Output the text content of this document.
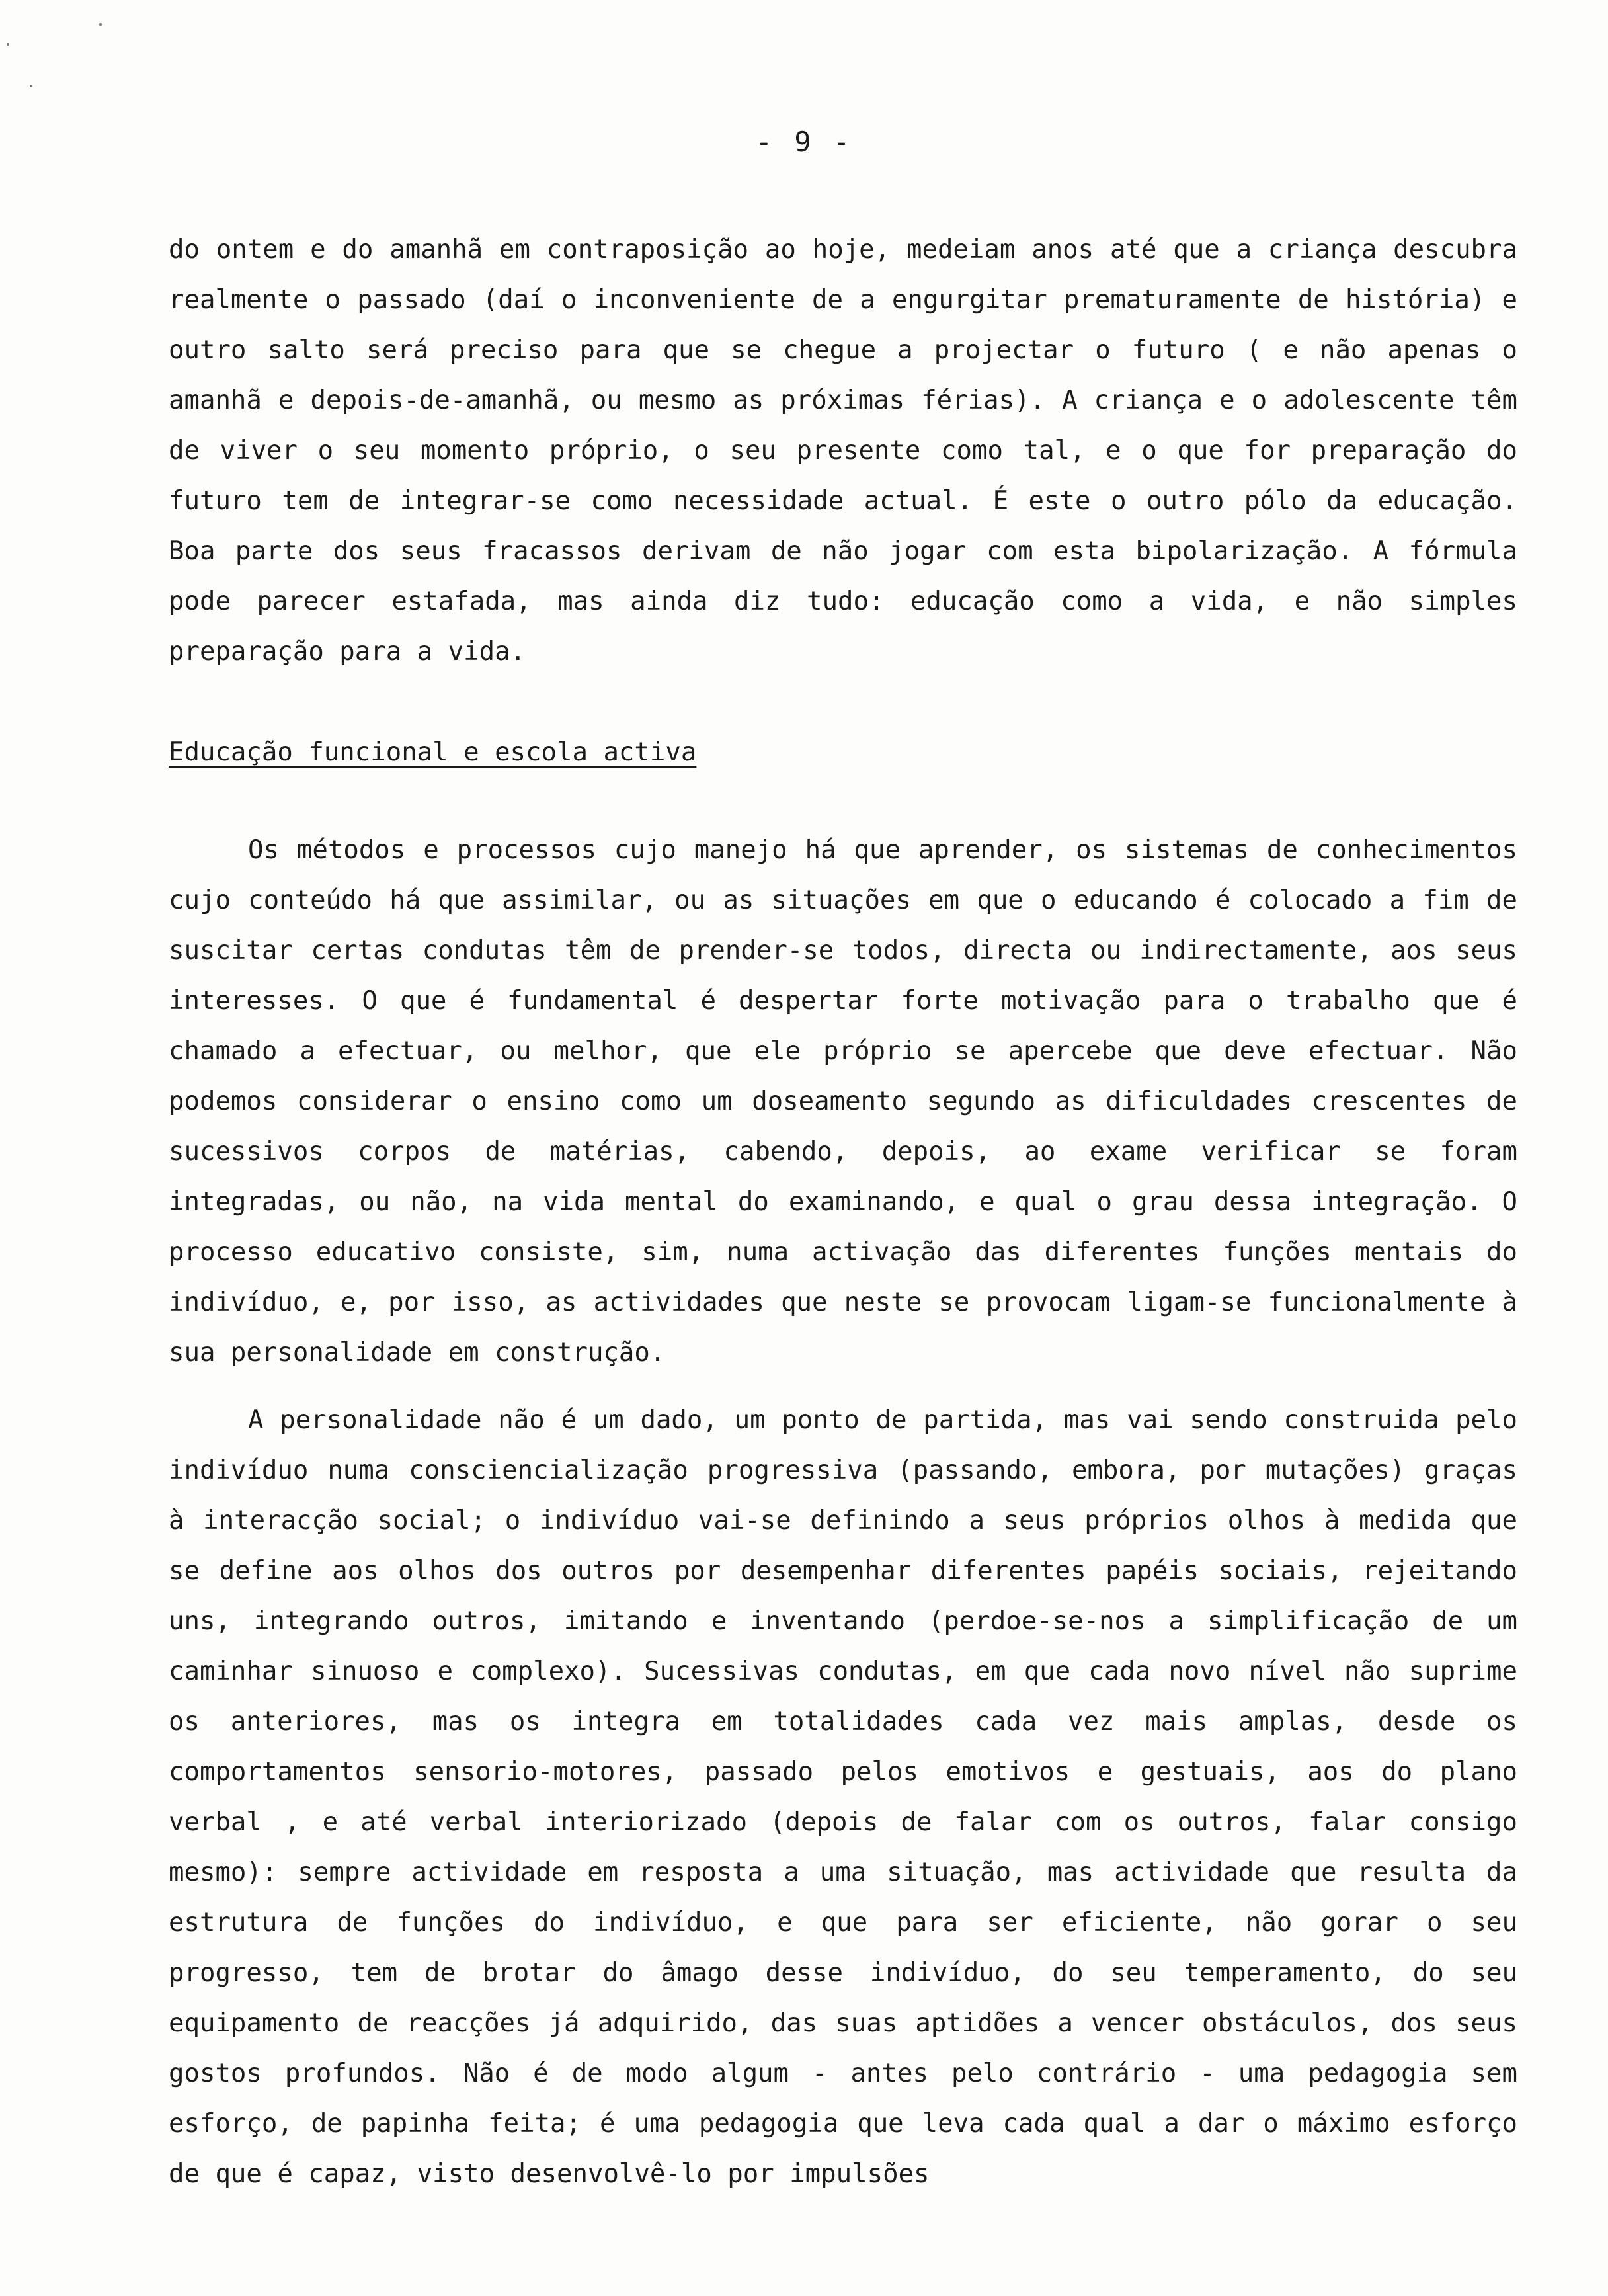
- 9 -

do ontem e do amanhã em contraposição ao hoje, medeiam anos até que a criança descubra realmente o passado (daí o inconveniente de a engurgitar prematuramente de história) e outro salto será preciso para que se chegue a projectar o futuro ( e não apenas o amanhã e depois-de-amanhã, ou mesmo as próximas férias). A criança e o adolescente têm de viver o seu momento próprio, o seu presente como tal, e o que for preparação do futuro tem de integrar-se como necessidade actual. É este o outro pólo da educação. Boa parte dos seus fracassos derivam de não jogar com esta bipolarização. A fórmula pode parecer estafada, mas ainda diz tudo: educação como a vida, e não simples preparação para a vida.

Educação funcional e escola activa

Os métodos e processos cujo manejo há que aprender, os sistemas de conhecimentos cujo conteúdo há que assimilar, ou as situações em que o educando é colocado a fim de suscitar certas condutas têm de prender-se todos, directa ou indirectamente, aos seus interesses. O que é fundamental é despertar forte motivação para o trabalho que é chamado a efectuar, ou melhor, que ele próprio se apercebe que deve efectuar. Não podemos considerar o ensino como um doseamento segundo as dificuldades crescentes de sucessivos corpos de matérias, cabendo, depois, ao exame verificar se foram integradas, ou não, na vida mental do examinando, e qual o grau dessa integração. O processo educativo consiste, sim, numa activação das diferentes funções mentais do indivíduo, e, por isso, as actividades que neste se provocam ligam-se funcionalmente à sua personalidade em construção.

A personalidade não é um dado, um ponto de partida, mas vai sendo construida pelo indivíduo numa consciencialização progressiva (passando, embora, por mutações) graças à interacção social; o indivíduo vai-se definindo a seus próprios olhos à medida que se define aos olhos dos outros por desempenhar diferentes papéis sociais, rejeitando uns, integrando outros, imitando e inventando (perdoe-se-nos a simplificação de um caminhar sinuoso e complexo). Sucessivas condutas, em que cada novo nível não suprime os anteriores, mas os integra em totalidades cada vez mais amplas, desde os comportamentos sensorio-motores, passado pelos emotivos e gestuais, aos do plano verbal , e até verbal interiorizado (depois de falar com os outros, falar consigo mesmo): sempre actividade em resposta a uma situação, mas actividade que resulta da estrutura de funções do indivíduo, e que para ser eficiente, não gorar o seu progresso, tem de brotar do âmago desse indivíduo, do seu temperamento, do seu equipamento de reacções já adquirido, das suas aptidões a vencer obstáculos, dos seus gostos profundos. Não é de modo algum - antes pelo contrário - uma pedagogia sem esforço, de papinha feita; é uma pedagogia que leva cada qual a dar o máximo esforço de que é capaz, visto desenvolvê-lo por impulsões
